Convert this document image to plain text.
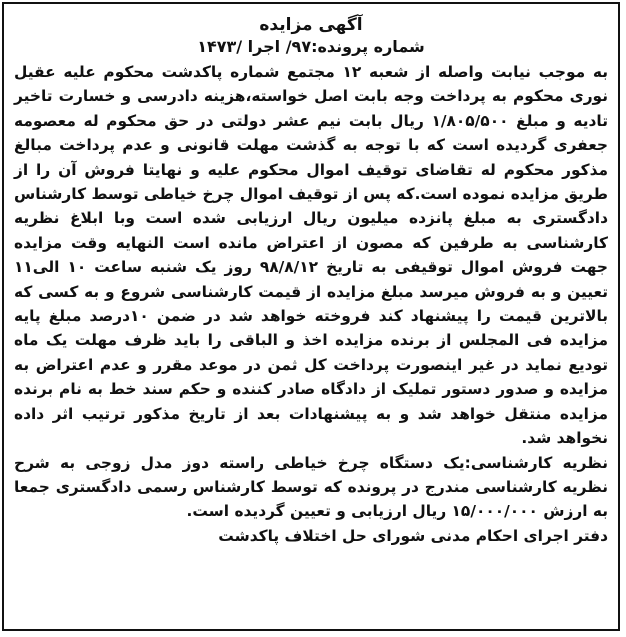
آگهی مزایده

شماره پرونده:۹۷/ اجرا /۱۴۷۳

به موجب نیابت واصله از شعبه ۱۲ مجتمع شماره پاکدشت محکوم علیه عقیل نوری محکوم به پرداخت وجه بابت اصل خواسته،هزینه دادرسی و خسارت تاخیر تادیه و مبلغ ۱/۸۰۵/۵۰۰ ریال بابت نیم عشر دولتی در حق محکوم له معصومه جعفری گردیده است که با توجه به گذشت مهلت قانونی و عدم پرداخت مبالغ مذکور محکوم له تقاضای توقیف اموال محکوم علیه و نهایتا فروش آن را از طریق مزایده نموده است.که پس از توقیف اموال چرخ خیاطی توسط کارشناس دادگستری به مبلغ پانزده میلیون ریال ارزیابی شده است وبا ابلاغ نظریه کارشناسی به طرفین که مصون از اعتراض مانده است النهایه وقت مزایده جهت فروش اموال توقیفی به تاریخ ۹۸/۸/۱۲ روز یک شنبه ساعت ۱۰ الی۱۱ تعیین و به فروش میرسد مبلغ مزایده از قیمت کارشناسی شروع و به کسی که بالاترین قیمت را پیشنهاد کند فروخته خواهد شد در ضمن ۱۰درصد مبلغ پایه مزایده فی المجلس از برنده مزایده اخذ و الباقی را باید ظرف مهلت یک ماه تودیع نماید در غیر اینصورت پرداخت کل ثمن در موعد مقرر و عدم اعتراض به مزایده و صدور دستور تملیک از دادگاه صادر کننده و حکم سند خط به نام برنده مزایده منتقل خواهد شد و به پیشنهادات بعد از تاریخ مذکور ترتیب اثر داده نخواهد شد.

نظریه کارشناسی:یک دستگاه چرخ خیاطی راسته دوز مدل زوجی به شرح نظریه کارشناسی مندرج در پرونده که توسط کارشناس رسمی دادگستری جمعا به ارزش ۱۵/۰۰۰/۰۰۰ ریال ارزیابی و تعیین گردیده است.

دفتر اجرای احکام مدنی شورای حل اختلاف پاکدشت
